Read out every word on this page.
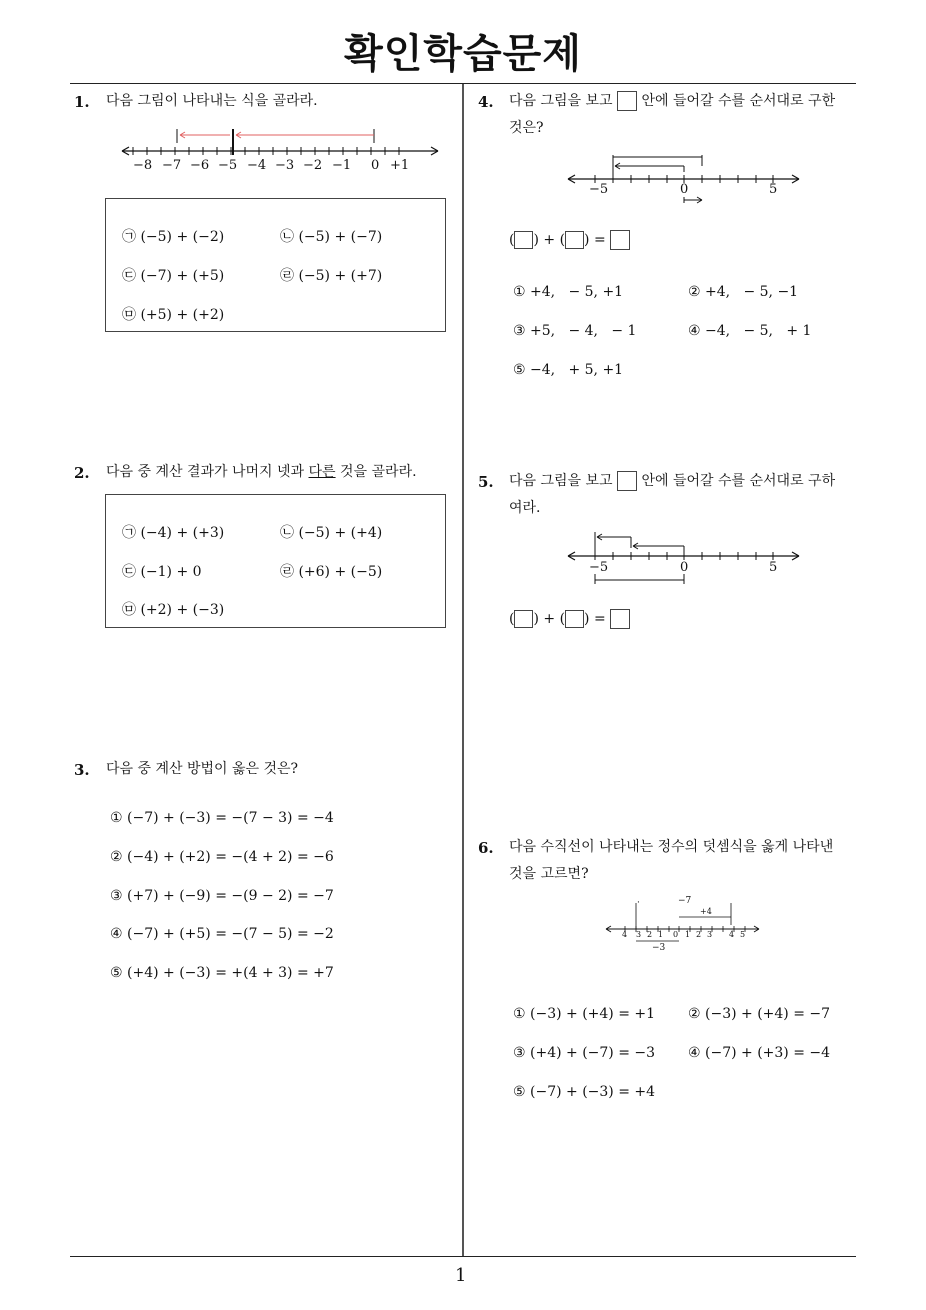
확인학습문제
1
1. 다음 그림이 나타내는 식을 골라라.
−8 −7 −6 −5 −4 −3 −2 −1 0 +1
㉠ (−5) + (−2)	㉡ (−5) + (−7)
㉢ (−7) + (+5)	㉣ (−5) + (+7)
㉤ (+5) + (+2)
2. 다음 중 계산 결과가 나머지 넷과 다른 것을 골라라.
㉠ (−4) + (+3)	㉡ (−5) + (+4)
㉢ (−1) + 0	㉣ (+6) + (−5)
㉤ (+2) + (−3)
3. 다음 중 계산 방법이 옳은 것은?
① (−7) + (−3) = −(7 − 3) = −4
② (−4) + (+2) = −(4 + 2) = −6
③ (+7) + (−9) = −(9 − 2) = −7
④ (−7) + (+5) = −(7 − 5) = −2
⑤ (+4) + (−3) = +(4 + 3) = +7
4. 다음 그림을 보고 안에 들어갈 수를 순서대로 구한
것은?
−5	0	5
( ) + ( ) =
① +4,   − 5, +1	② +4,   − 5, −1
③ +5,   − 4,   − 1	④ −4,   − 5,   + 1
⑤ −4,   + 5, +1
5. 다음 그림을 보고 안에 들어갈 수를 순서대로 구하
여라.
−5	0	5
( ) + ( ) =
6. 다음 수직선이 나타내는 정수의 덧셈식을 옳게 나타낸
것을 고르면?
·	−7
+4
−3
4 3 2 1 0 1 2 3 4 5
① (−3) + (+4) = +1 ② (−3) + (+4) = −7
③ (+4) + (−7) = −3 ④ (−7) + (+3) = −4
⑤ (−7) + (−3) = +4
